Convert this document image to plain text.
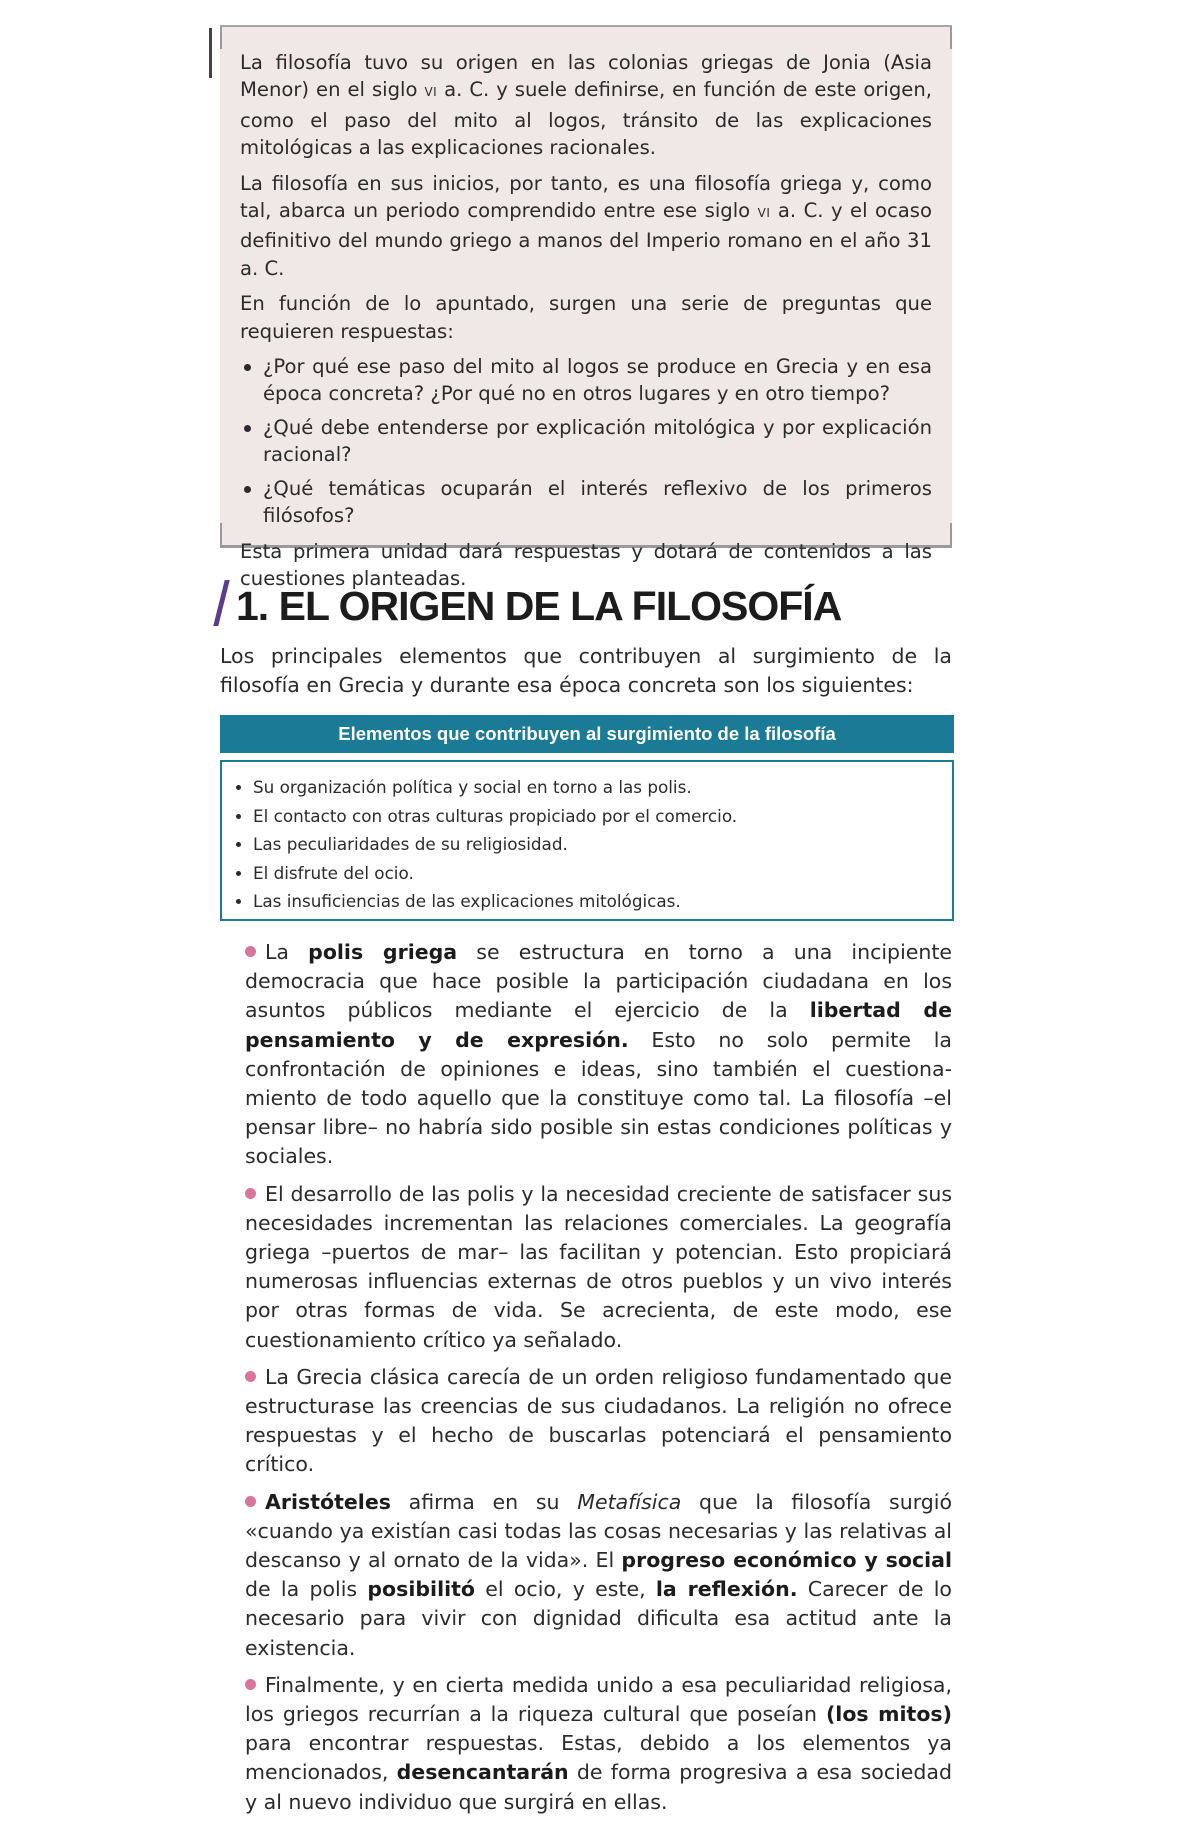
La filosofía tuvo su origen en las colonias griegas de Jonia (Asia Menor) en el siglo VI a. C. y suele definirse, en función de este origen, como el paso del mito al logos, tránsito de las explicaciones mitológicas a las explicaciones racionales.

La filosofía en sus inicios, por tanto, es una filosofía griega y, como tal, abarca un periodo comprendido entre ese siglo VI a. C. y el ocaso definitivo del mundo griego a manos del Imperio romano en el año 31 a. C.

En función de lo apuntado, surgen una serie de preguntas que requieren respuestas:

¿Por qué ese paso del mito al logos se produce en Grecia y en esa época concreta? ¿Por qué no en otros lugares y en otro tiempo?
¿Qué debe entenderse por explicación mitológica y por explicación racional?
¿Qué temáticas ocuparán el interés reflexivo de los primeros filósofos?

Esta primera unidad dará respuestas y dotará de contenidos a las cuestiones planteadas.

1. EL ORIGEN DE LA FILOSOFÍA

Los principales elementos que contribuyen al surgimiento de la filosofía en Grecia y durante esa época concreta son los siguientes:

Elementos que contribuyen al surgimiento de la filosofía
Su organización política y social en torno a las polis.
El contacto con otras culturas propiciado por el comercio.
Las peculiaridades de su religiosidad.
El disfrute del ocio.
Las insuficiencias de las explicaciones mitológicas.

La polis griega se estructura en torno a una incipiente democracia que hace posible la participación ciudadana en los asuntos públicos mediante el ejercicio de la libertad de pensamiento y de expresión. Esto no solo permite la confrontación de opiniones e ideas, sino también el cuestionamiento de todo aquello que la constituye como tal. La filosofía –el pensar libre– no habría sido posible sin estas condiciones políticas y sociales.

El desarrollo de las polis y la necesidad creciente de satisfacer sus necesidades incrementan las relaciones comerciales. La geografía griega –puertos de mar– las facilitan y potencian. Esto propiciará numerosas influencias externas de otros pueblos y un vivo interés por otras formas de vida. Se acrecienta, de este modo, ese cuestionamiento crítico ya señalado.

La Grecia clásica carecía de un orden religioso fundamentado que estructurase las creencias de sus ciudadanos. La religión no ofrece respuestas y el hecho de buscarlas potenciará el pensamiento crítico.

Aristóteles afirma en su Metafísica que la filosofía surgió «cuando ya existían casi todas las cosas necesarias y las relativas al descanso y al ornato de la vida». El progreso económico y social de la polis posibilitó el ocio, y este, la reflexión. Carecer de lo necesario para vivir con dignidad dificulta esa actitud ante la existencia.

Finalmente, y en cierta medida unido a esa peculiaridad religiosa, los griegos recurrían a la riqueza cultural que poseían (los mitos) para encontrar respuestas. Estas, debido a los elementos ya mencionados, desencantarán de forma progresiva a esa sociedad y al nuevo individuo que surgirá en ellas.
